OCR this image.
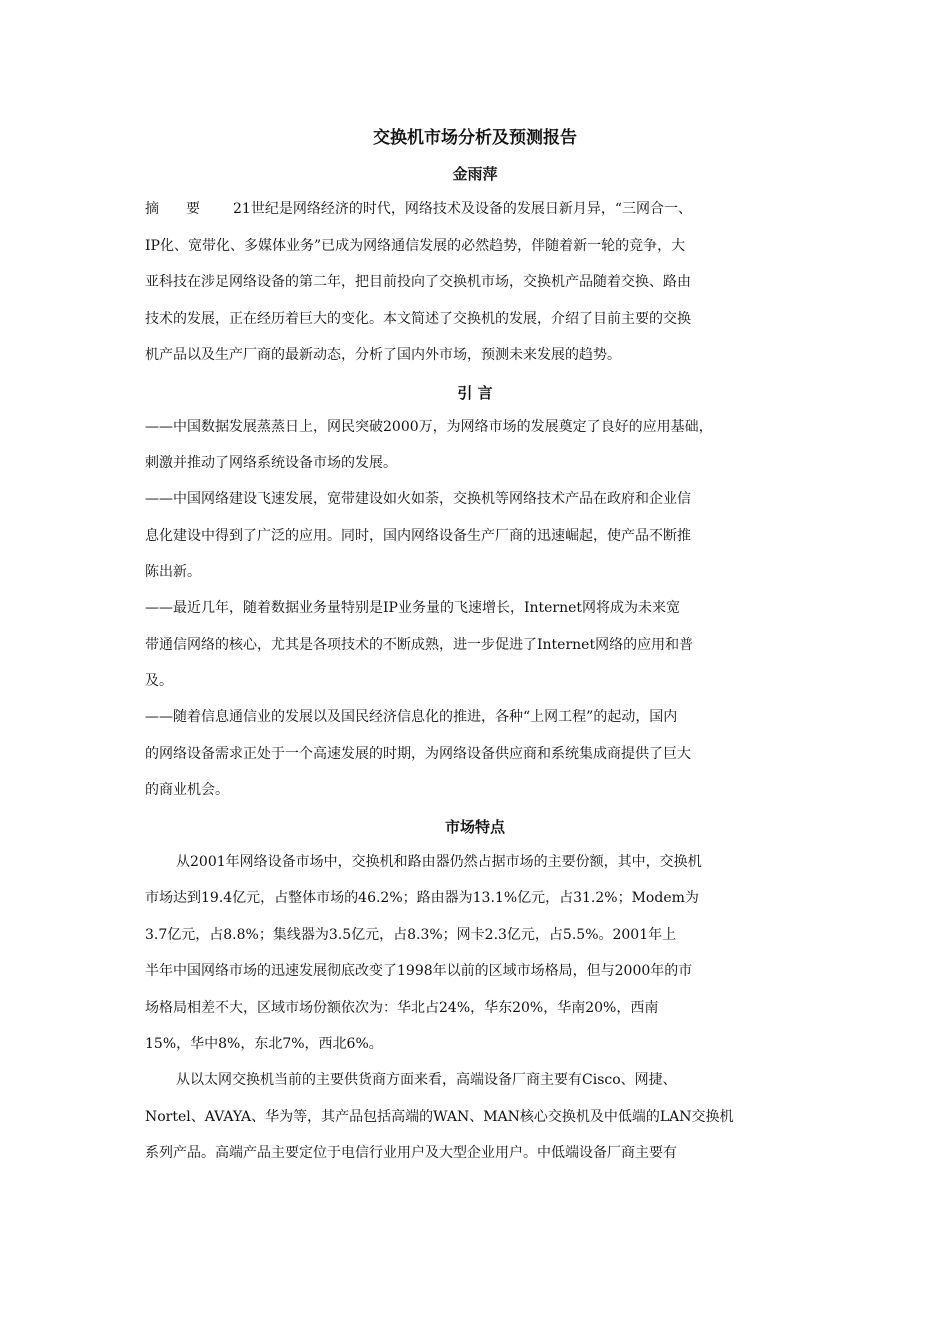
交换机市场分析及预测报告
金雨萍
摘 要 21世纪是网络经济的时代，网络技术及设备的发展日新月异，“三网合一、
IP化、宽带化、多媒体业务”已成为网络通信发展的必然趋势，伴随着新一轮的竞争，大
亚科技在涉足网络设备的第二年，把目前投向了交换机市场，交换机产品随着交换、路由
技术的发展，正在经历着巨大的变化。本文简述了交换机的发展，介绍了目前主要的交换
机产品以及生产厂商的最新动态，分析了国内外市场，预测未来发展的趋势。
引 言
——中国数据发展蒸蒸日上，网民突破2000万，为网络市场的发展奠定了良好的应用基础，
刺激并推动了网络系统设备市场的发展。
——中国网络建设飞速发展，宽带建设如火如荼，交换机等网络技术产品在政府和企业信
息化建设中得到了广泛的应用。同时，国内网络设备生产厂商的迅速崛起，使产品不断推
陈出新。
——最近几年，随着数据业务量特别是IP业务量的飞速增长，Internet网将成为未来宽
带通信网络的核心，尤其是各项技术的不断成熟，进一步促进了Internet网络的应用和普
及。
——随着信息通信业的发展以及国民经济信息化的推进，各种“上网工程”的起动，国内
的网络设备需求正处于一个高速发展的时期，为网络设备供应商和系统集成商提供了巨大
的商业机会。
市场特点
从2001年网络设备市场中，交换机和路由器仍然占据市场的主要份额，其中，交换机
市场达到19.4亿元，占整体市场的46.2%；路由器为13.1%亿元，占31.2%；Modem为
3.7亿元，占8.8%；集线器为3.5亿元，占8.3%；网卡2.3亿元，占5.5%。2001年上
半年中国网络市场的迅速发展彻底改变了1998年以前的区域市场格局，但与2000年的市
场格局相差不大，区域市场份额依次为：华北占24%，华东20%，华南20%，西南
15%，华中8%，东北7%，西北6%。
从以太网交换机当前的主要供货商方面来看，高端设备厂商主要有Cisco、网捷、
Nortel、AVAYA、华为等，其产品包括高端的WAN、MAN核心交换机及中低端的LAN交换机
系列产品。高端产品主要定位于电信行业用户及大型企业用户。中低端设备厂商主要有
